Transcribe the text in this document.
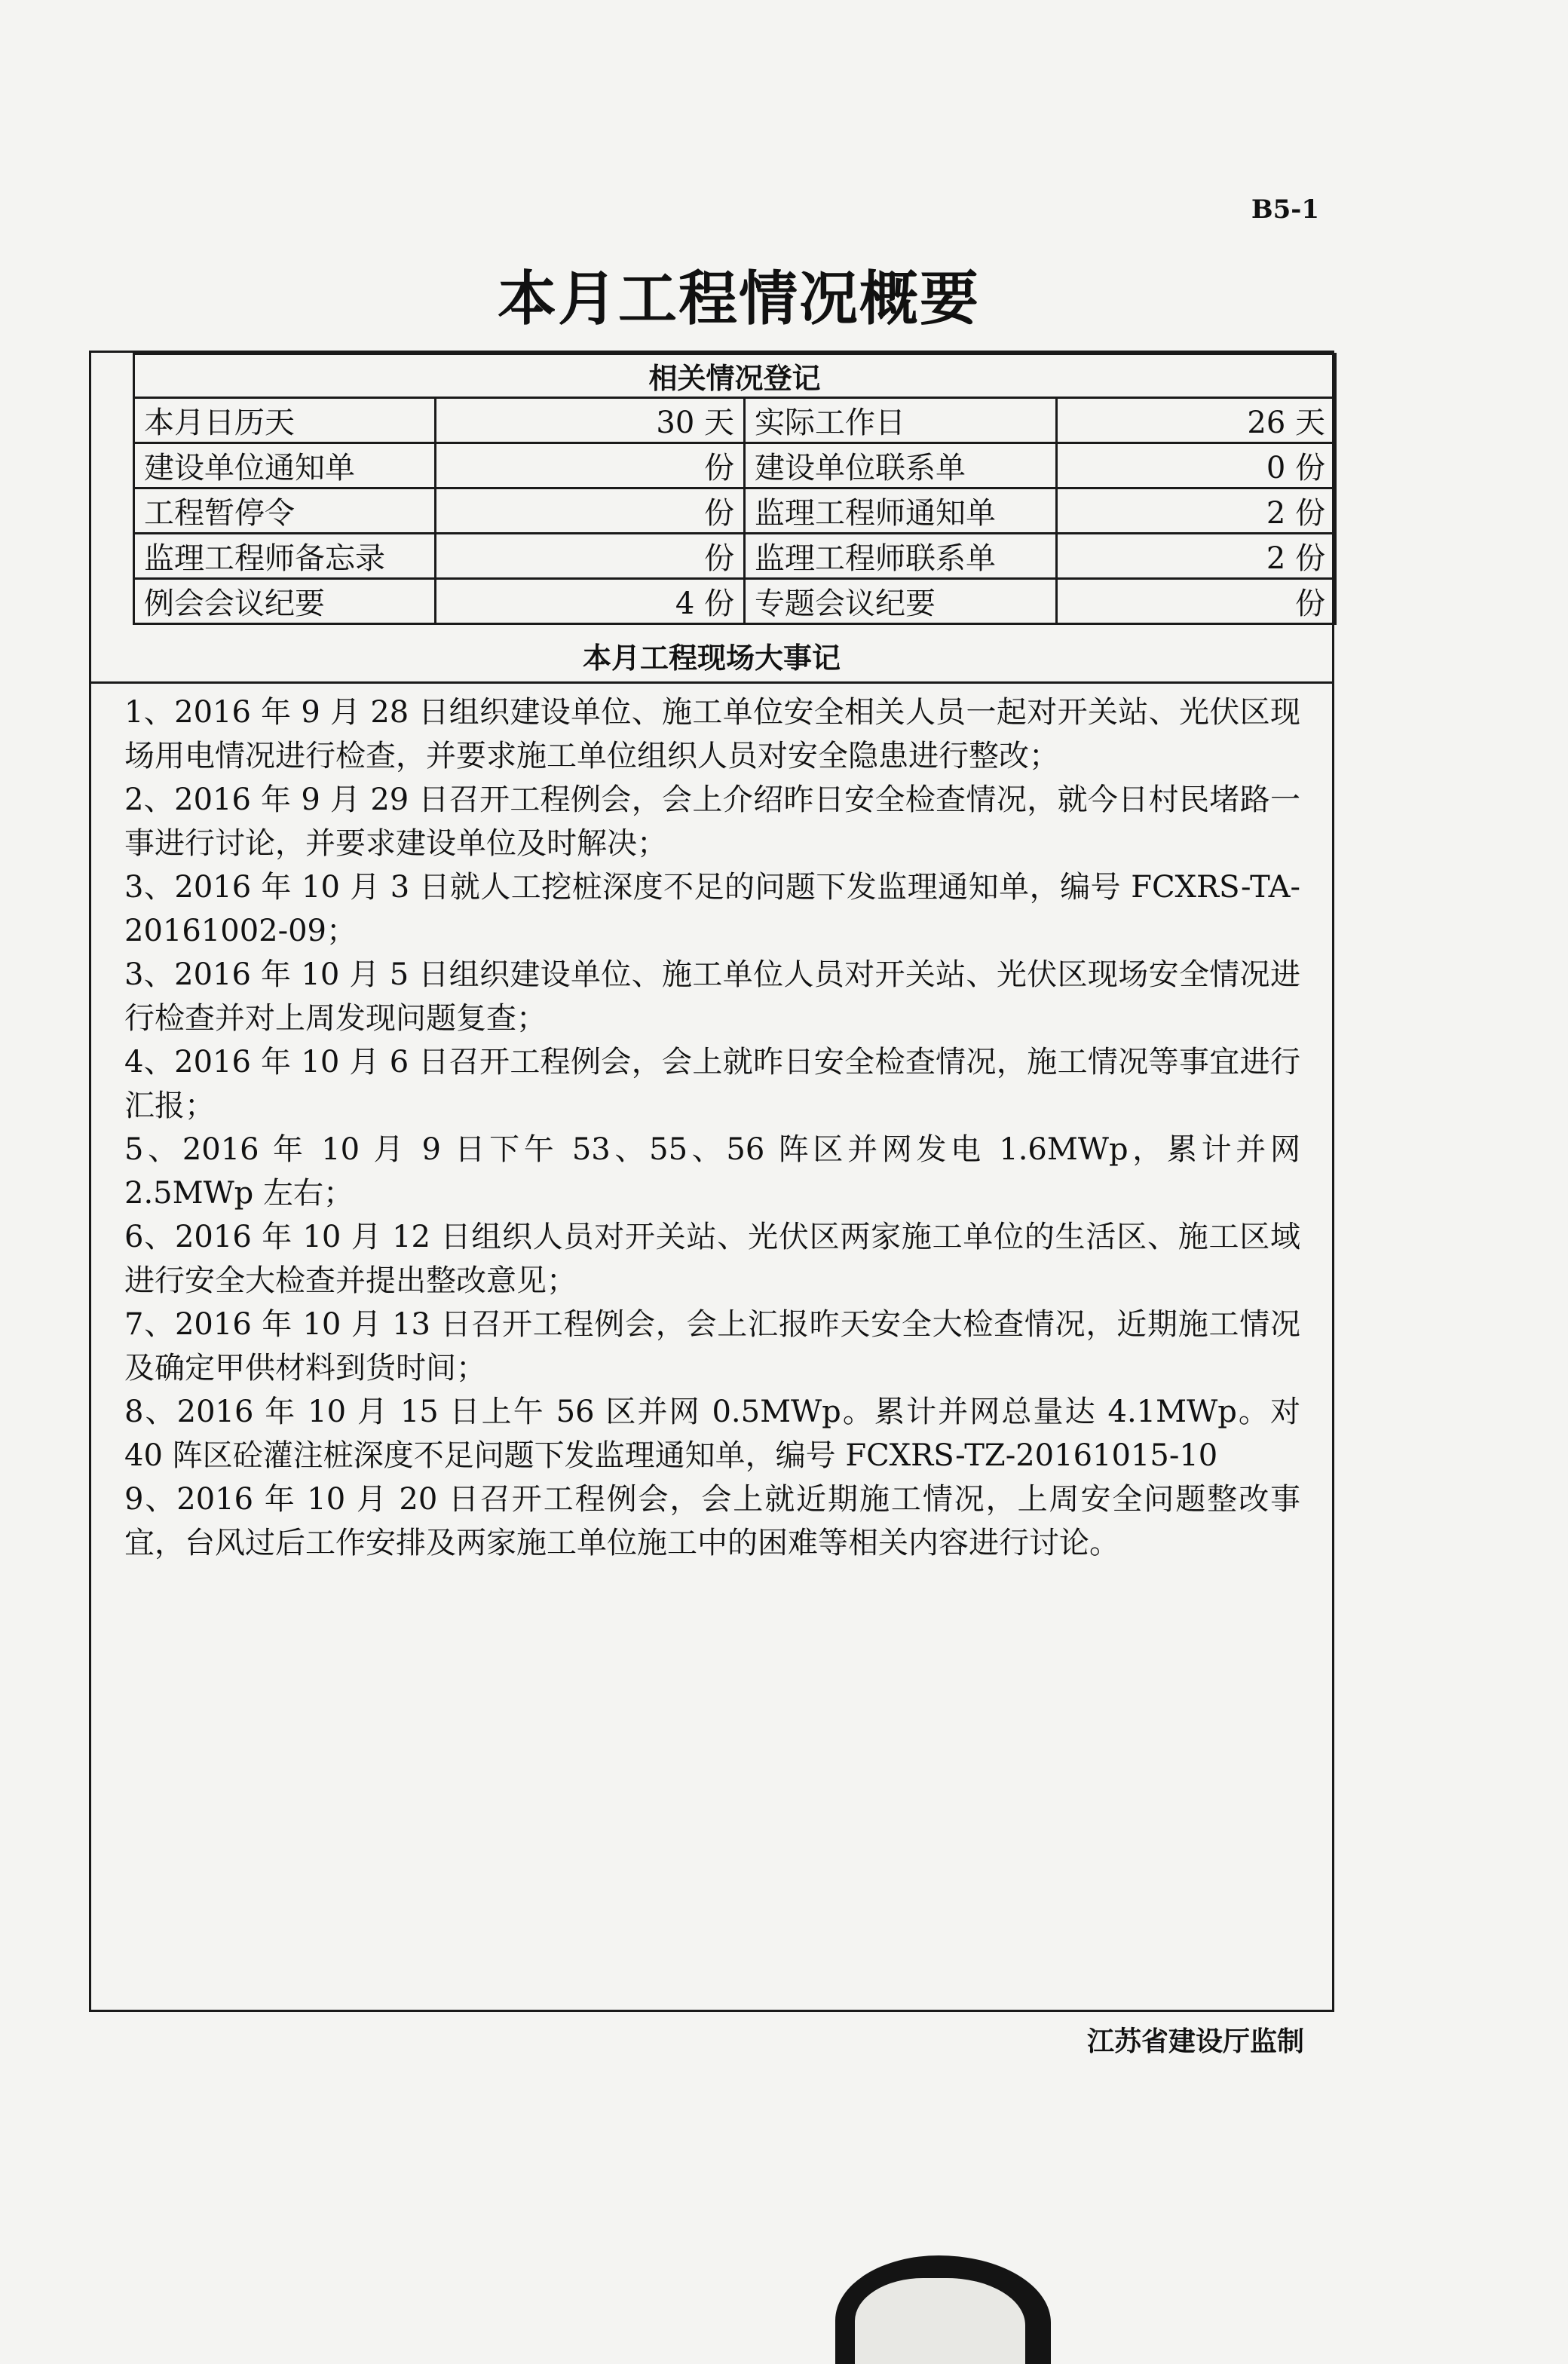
B5-1
本月工程情况概要
相关情况登记			
本月日历天	30 天	实际工作日	26 天
建设单位通知单	份	建设单位联系单	0 份
工程暂停令	份	监理工程师通知单	2 份
监理工程师备忘录	份	监理工程师联系单	2 份
例会会议纪要	4 份	专题会议纪要	份
本月工程现场大事记

1、2016 年 9 月 28 日组织建设单位、施工单位安全相关人员一起对开关站、光伏区现场用电情况进行检查，并要求施工单位组织人员对安全隐患进行整改；

2、2016 年 9 月 29 日召开工程例会，会上介绍昨日安全检查情况，就今日村民堵路一事进行讨论，并要求建设单位及时解决；

3、2016 年 10 月 3 日就人工挖桩深度不足的问题下发监理通知单，编号 FCXRS-TA-20161002-09；

3、2016 年 10 月 5 日组织建设单位、施工单位人员对开关站、光伏区现场安全情况进行检查并对上周发现问题复查；

4、2016 年 10 月 6 日召开工程例会，会上就昨日安全检查情况，施工情况等事宜进行汇报；

5、2016 年 10 月 9 日下午 53、55、56 阵区并网发电 1.6MWp，累计并网 2.5MWp 左右；

6、2016 年 10 月 12 日组织人员对开关站、光伏区两家施工单位的生活区、施工区域进行安全大检查并提出整改意见；

7、2016 年 10 月 13 日召开工程例会，会上汇报昨天安全大检查情况，近期施工情况及确定甲供材料到货时间；

8、2016 年 10 月 15 日上午 56 区并网 0.5MWp。累计并网总量达 4.1MWp。对 40 阵区砼灌注桩深度不足问题下发监理通知单，编号 FCXRS-TZ-20161015-10

9、2016 年 10 月 20 日召开工程例会，会上就近期施工情况，上周安全问题整改事宜，台风过后工作安排及两家施工单位施工中的困难等相关内容进行讨论。

江苏省建设厅监制
